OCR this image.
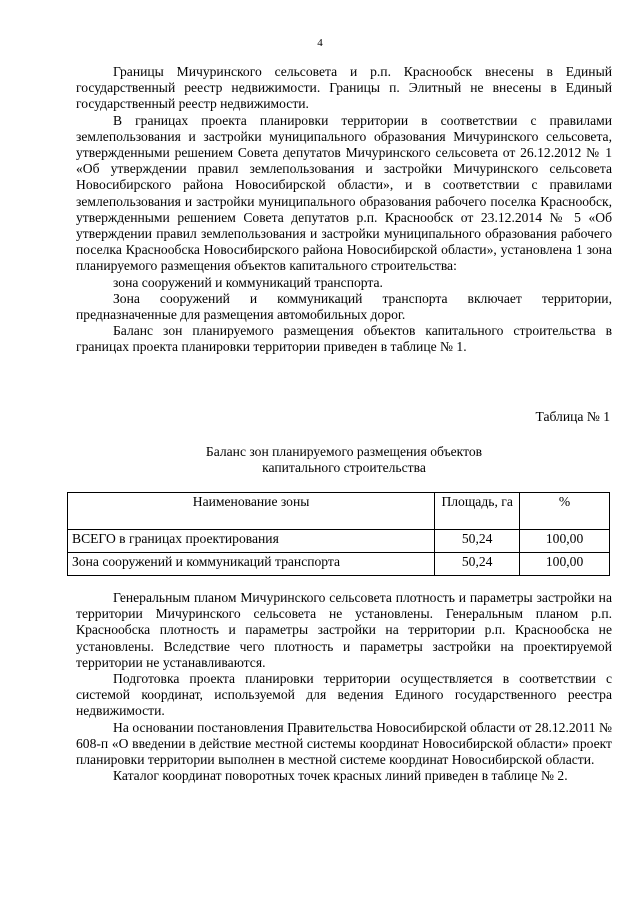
4

Границы Мичуринского сельсовета и р.п. Краснообск внесены в Единый государственный реестр недвижимости. Границы п. Элитный не внесены в Единый государственный реестр недвижимости.

В границах проекта планировки территории в соответствии с правилами землепользования и застройки муниципального образования Мичуринского сельсовета, утвержденными решением Совета депутатов Мичуринского сельсовета от 26.12.2012 № 1 «Об утверждении правил землепользования и застройки Мичуринского сельсовета Новосибирского района Новосибирской области», и в соответствии с правилами землепользования и застройки муниципального образования рабочего поселка Краснообск, утвержденными решением Совета депутатов р.п. Краснообск от 23.12.2014 № 5 «Об утверждении правил землепользования и застройки муниципального образования рабочего поселка Краснообска Новосибирского района Новосибирской области», установлена 1 зона планируемого размещения объектов капитального строительства:

зона сооружений и коммуникаций транспорта.

Зона сооружений и коммуникаций транспорта включает территории, предназначенные для размещения автомобильных дорог.

Баланс зон планируемого размещения объектов капитального строительства в границах проекта планировки территории приведен в таблице № 1.

Таблица № 1
Баланс зон планируемого размещения объектов
капитального строительства
Наименование зоны	Площадь, га	%
ВСЕГО в границах проектирования	50,24	100,00
Зона сооружений и коммуникаций транспорта	50,24	100,00

Генеральным планом Мичуринского сельсовета плотность и параметры застройки на территории Мичуринского сельсовета не установлены. Генеральным планом р.п. Краснообска плотность и параметры застройки на территории р.п. Краснообска не установлены. Вследствие чего плотность и параметры застройки на проектируемой территории не устанавливаются.

Подготовка проекта планировки территории осуществляется в соответствии с системой координат, используемой для ведения Единого государственного реестра недвижимости.

На основании постановления Правительства Новосибирской области от 28.12.2011 № 608-п «О введении в действие местной системы координат Новосибирской области» проект планировки территории выполнен в местной системе координат Новосибирской области.

Каталог координат поворотных точек красных линий приведен в таблице № 2.
